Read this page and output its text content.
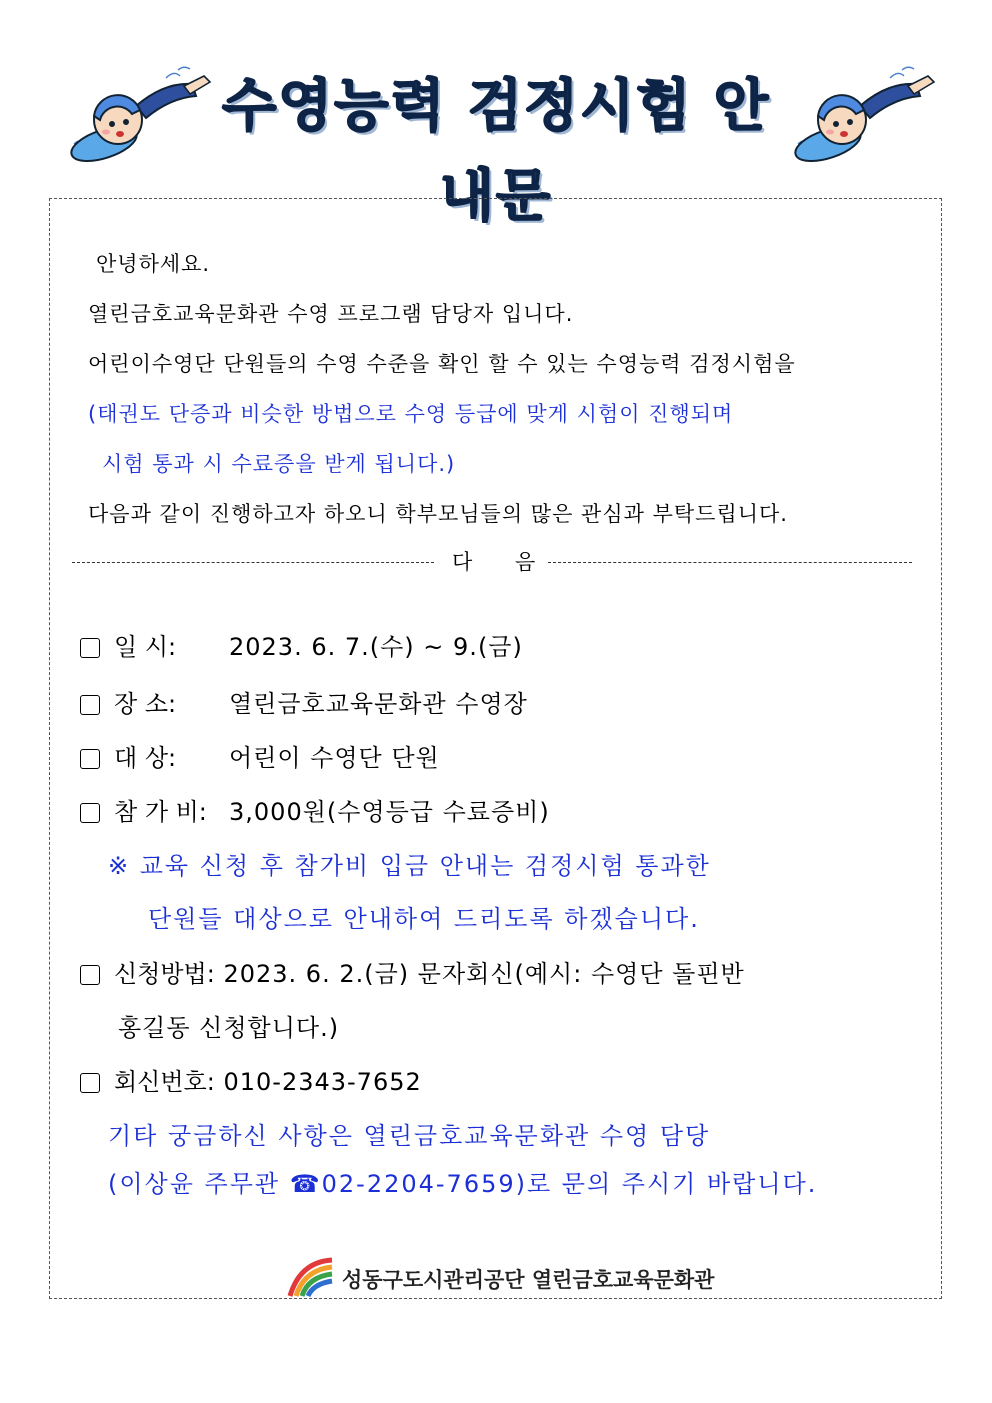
수영능력 검정시험 안내문
안녕하세요.
열린금호교육문화관 수영 프로그램 담당자 입니다.
어린이수영단 단원들의 수영 수준을 확인 할 수 있는 수영능력 검정시험을
(태권도 단증과 비슷한 방법으로 수영 등급에 맞게 시험이 진행되며
시험 통과 시 수료증을 받게 됩니다.)
다음과 같이 진행하고자 하오니 학부모님들의 많은 관심과 부탁드립니다.
다 음
일 시: 2023. 6. 7.(수) ~ 9.(금)
장 소: 열린금호교육문화관 수영장
대 상: 어린이 수영단 단원
참 가 비: 3,000원(수영등급 수료증비)
※ 교육 신청 후 참가비 입금 안내는 검정시험 통과한
단원들 대상으로 안내하여 드리도록 하겠습니다.
신청방법: 2023. 6. 2.(금) 문자회신(예시: 수영단 돌핀반
홍길동 신청합니다.)
회신번호: 010-2343-7652
기타 궁금하신 사항은 열린금호교육문화관 수영 담당
(이상윤 주무관 ☎02-2204-7659)로 문의 주시기 바랍니다.
성동구도시관리공단 열린금호교육문화관
